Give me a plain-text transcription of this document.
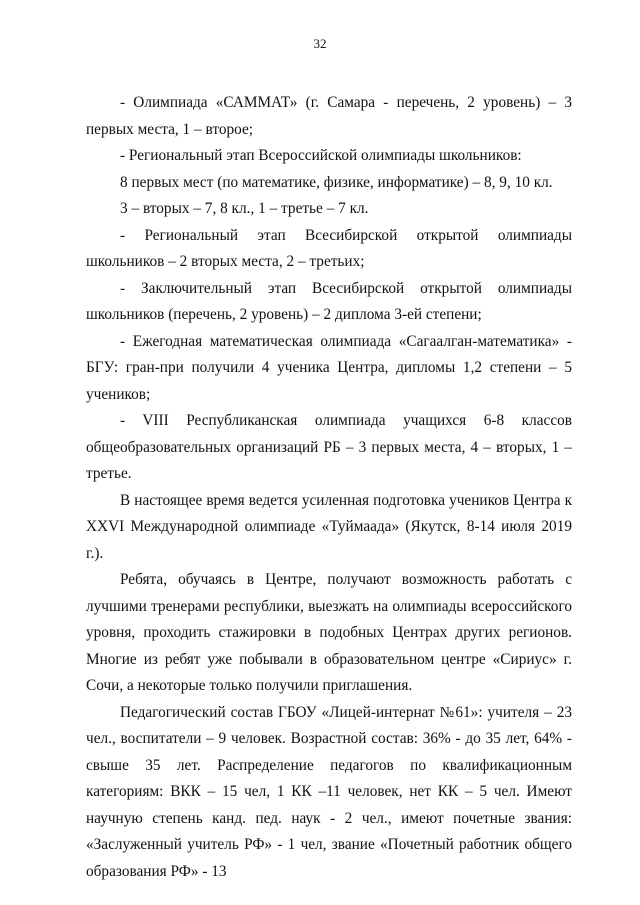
32

- Олимпиада «САММАТ» (г. Самара - перечень, 2 уровень) – 3 первых места, 1 – второе;

- Региональный этап Всероссийской олимпиады школьников:

8 первых мест (по математике, физике, информатике) – 8, 9, 10 кл.

3 – вторых – 7, 8 кл., 1 – третье – 7 кл.

- Региональный этап Всесибирской открытой олимпиады школьников – 2 вторых места, 2 – третьих;

- Заключительный этап Всесибирской открытой олимпиады школьников (перечень, 2 уровень) – 2 диплома 3-ей степени;

- Ежегодная математическая олимпиада «Сагаалган-математика» - БГУ: гран-при получили 4 ученика Центра, дипломы 1,2 степени – 5 учеников;

- VIII Республиканская олимпиада учащихся 6-8 классов общеобразовательных организаций РБ – 3 первых места, 4 – вторых, 1 – третье.

В настоящее время ведется усиленная подготовка учеников Центра к XXVI Международной олимпиаде «Туймаада» (Якутск, 8-14 июля 2019 г.).

Ребята, обучаясь в Центре, получают возможность работать с лучшими тренерами республики, выезжать на олимпиады всероссийского уровня, проходить стажировки в подобных Центрах других регионов. Многие из ребят уже побывали в образовательном центре «Сириус» г. Сочи, а некоторые только получили приглашения.

Педагогический состав ГБОУ «Лицей-интернат №61»: учителя – 23 чел., воспитатели – 9 человек. Возрастной состав: 36% - до 35 лет, 64% - свыше 35 лет. Распределение педагогов по квалификационным категориям: ВКК – 15 чел, 1 КК –11 человек, нет КК – 5 чел. Имеют научную степень канд. пед. наук - 2 чел., имеют почетные звания: «Заслуженный учитель РФ» - 1 чел, звание «Почетный работник общего образования РФ» - 13
